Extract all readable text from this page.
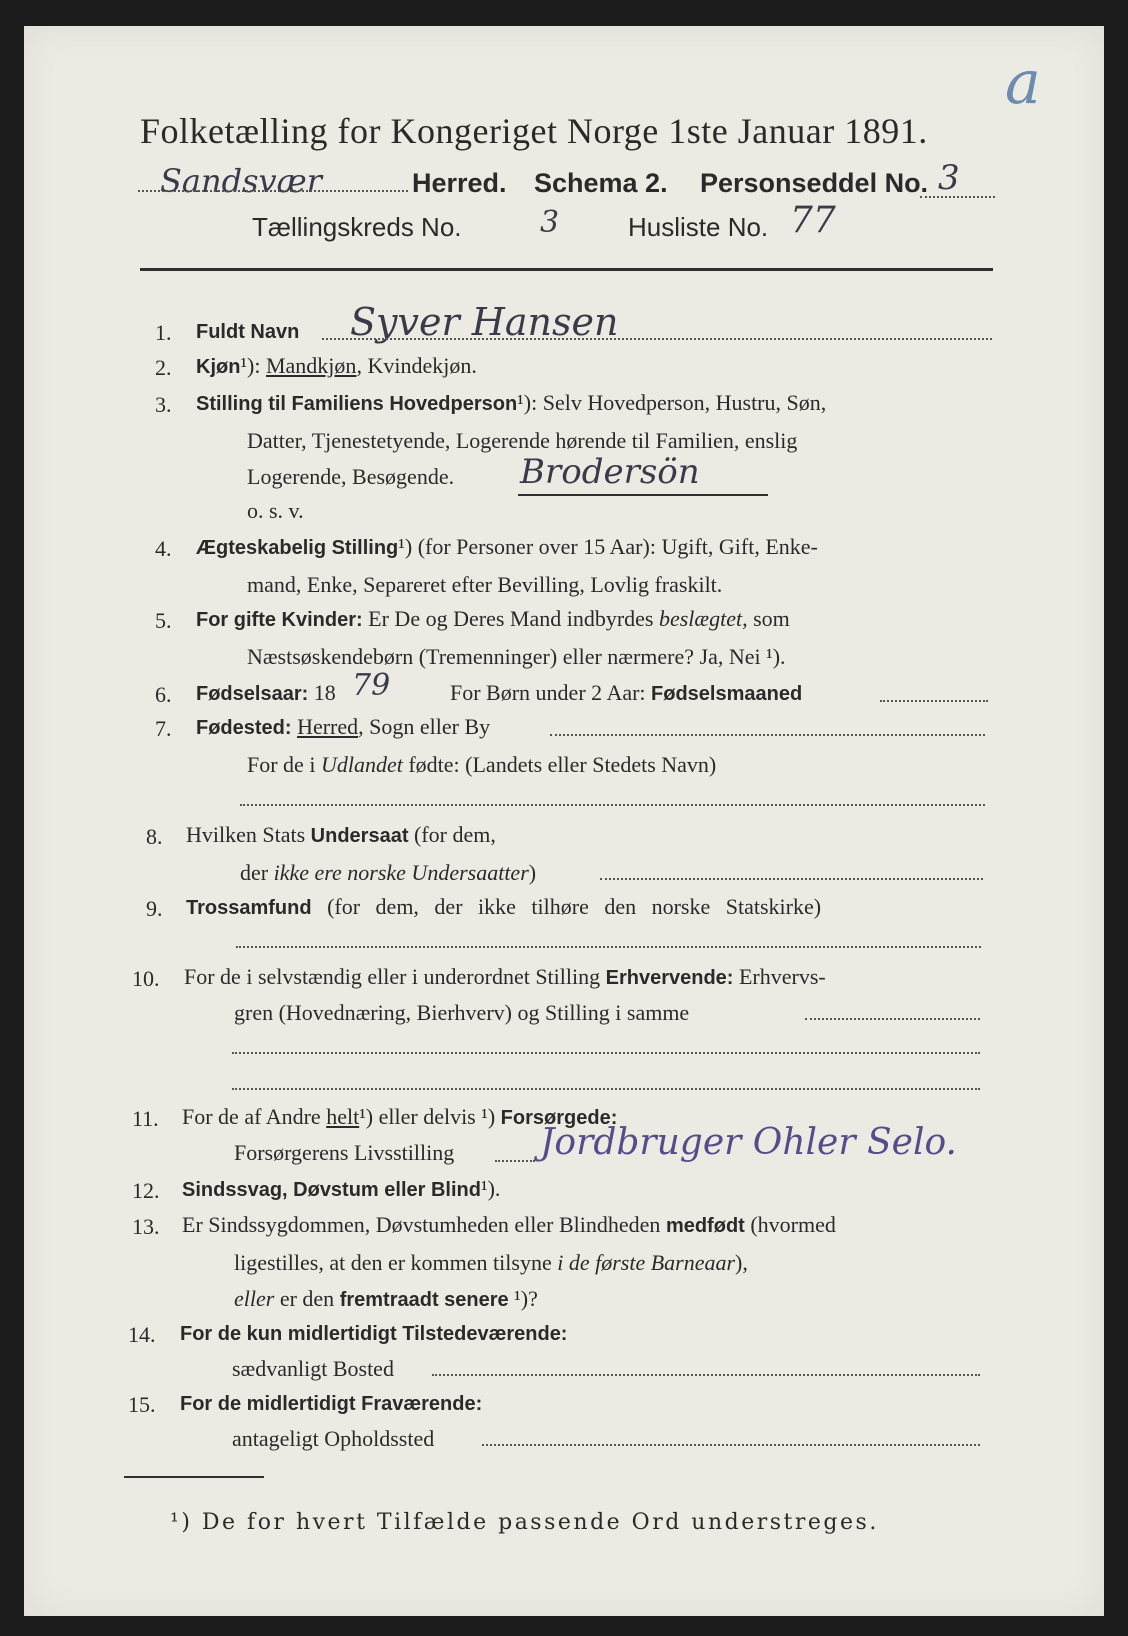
Folketælling for Kongeriget Norge 1ste Januar 1891.
a
Sandsvær	Herred. Schema 2. Personseddel No. 3
Tællingskreds No.	3	Husliste No. 77
1. Fuldt Navn Syver Hansen
2. Kjøn¹): Mandkjøn, Kvindekjøn.
3. Stilling til Familiens Hovedperson¹): Selv Hovedperson, Hustru, Søn,
Datter, Tjenestetyende, Logerende hørende til Familien, enslig
Logerende, Besøgende. Brodersön
o. s. v.
4. Ægteskabelig Stilling¹) (for Personer over 15 Aar): Ugift, Gift, Enke-
mand, Enke, Separeret efter Bevilling, Lovlig fraskilt.
5. For gifte Kvinder: Er De og Deres Mand indbyrdes beslægtet, som
Næstsøskendebørn (Tremenninger) eller nærmere? Ja, Nei ¹).
6. Fødselsaar: 18 79	For Børn under 2 Aar: Fødselsmaaned
7. Fødested: Herred, Sogn eller By
For de i Udlandet fødte: (Landets eller Stedets Navn)
8. Hvilken Stats Undersaat (for dem,
der ikke ere norske Undersaatter)
9. Trossamfund (for dem, der ikke tilhøre den norske Statskirke)
10. For de i selvstændig eller i underordnet Stilling Erhvervende: Erhvervs-
gren (Hovednæring, Bierhverv) og Stilling i samme
11. For de af Andre helt¹) eller delvis ¹) Forsørgede:
Forsørgerens Livsstilling Jordbruger Ohler Selo.
12. Sindssvag, Døvstum eller Blind¹).
13. Er Sindssygdommen, Døvstumheden eller Blindheden medfødt (hvormed
ligestilles, at den er kommen tilsyne i de første Barneaar),
eller er den fremtraadt senere ¹)?
14. For de kun midlertidigt Tilstedeværende:
sædvanligt Bosted
15. For de midlertidigt Fraværende:
antageligt Opholdssted
¹) De for hvert Tilfælde passende Ord understreges.
